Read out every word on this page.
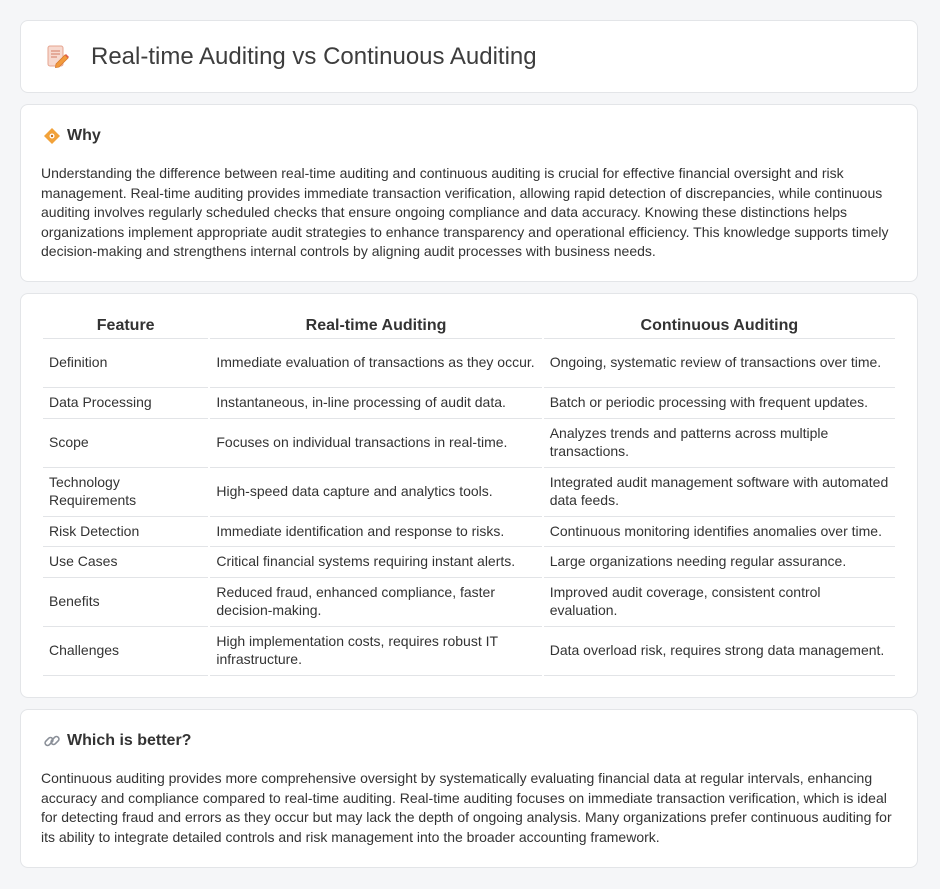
Real-time Auditing vs Continuous Auditing
Why
Understanding the difference between real-time auditing and continuous auditing is crucial for effective financial oversight and risk management. Real-time auditing provides immediate transaction verification, allowing rapid detection of discrepancies, while continuous auditing involves regularly scheduled checks that ensure ongoing compliance and data accuracy. Knowing these distinctions helps organizations implement appropriate audit strategies to enhance transparency and operational efficiency. This knowledge supports timely decision-making and strengthens internal controls by aligning audit processes with business needs.
Feature	Real-time Auditing	Continuous Auditing
Definition	Immediate evaluation of transactions as they occur.	Ongoing, systematic review of transactions over time.
Data Processing	Instantaneous, in-line processing of audit data.	Batch or periodic processing with frequent updates.
Scope	Focuses on individual transactions in real-time.	Analyzes trends and patterns across multiple transactions.
Technology Requirements	High-speed data capture and analytics tools.	Integrated audit management software with automated data feeds.
Risk Detection	Immediate identification and response to risks.	Continuous monitoring identifies anomalies over time.
Use Cases	Critical financial systems requiring instant alerts.	Large organizations needing regular assurance.
Benefits	Reduced fraud, enhanced compliance, faster decision-making.	Improved audit coverage, consistent control evaluation.
Challenges	High implementation costs, requires robust IT infrastructure.	Data overload risk, requires strong data management.
Which is better?
Continuous auditing provides more comprehensive oversight by systematically evaluating financial data at regular intervals, enhancing accuracy and compliance compared to real-time auditing. Real-time auditing focuses on immediate transaction verification, which is ideal for detecting fraud and errors as they occur but may lack the depth of ongoing analysis. Many organizations prefer continuous auditing for its ability to integrate detailed controls and risk management into the broader accounting framework.
